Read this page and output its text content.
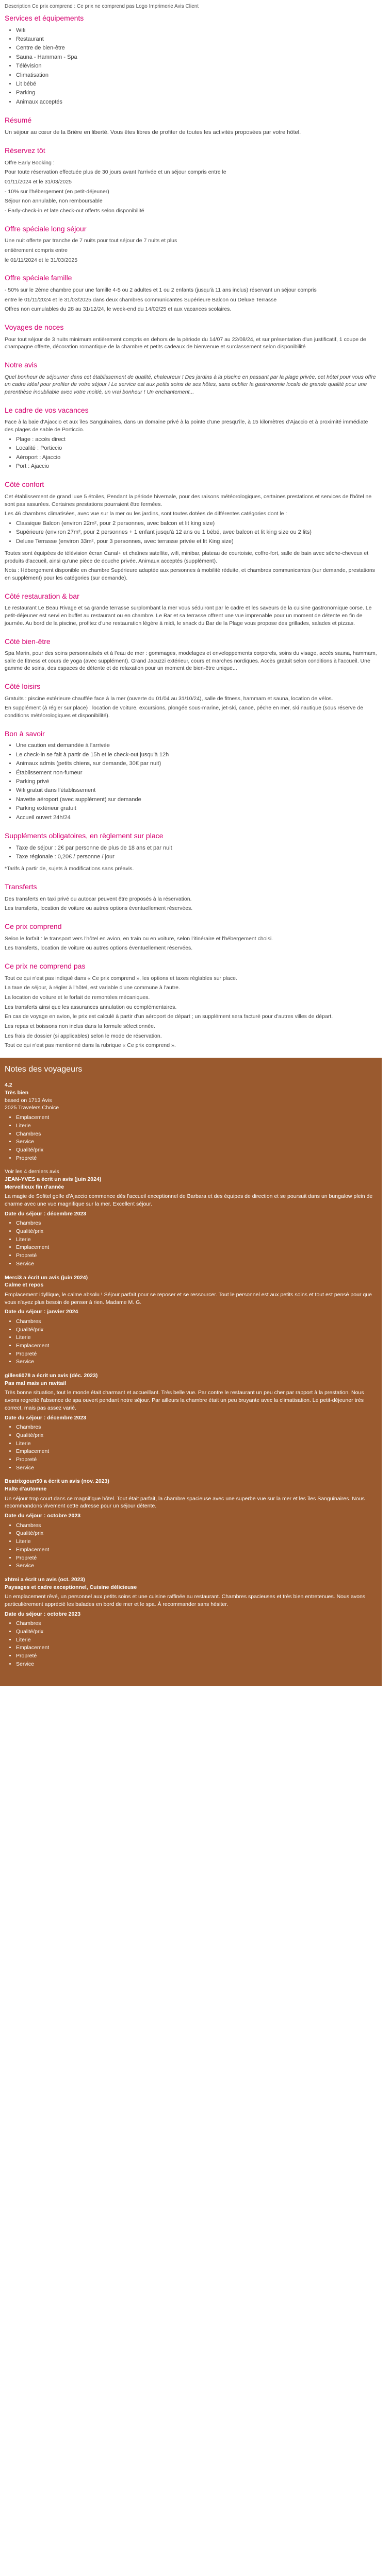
Description Ce prix comprend : Ce prix ne comprend pas Logo Imprimerie Avis Client

Services et équipements
• Wifi
• Restaurant
• Centre de bien-être
• Sauna - Hammam - Spa
• Télévision
• Climatisation
• Lit bébé
• Parking
• Animaux acceptés
Résumé

Un séjour au cœur de la Brière en liberté. Vous êtes libres de profiter de toutes les activités proposées par votre hôtel.

Réservez tôt

Offre Early Booking :

Pour toute réservation effectuée plus de 30 jours avant l'arrivée et un séjour compris entre le

01/11/2024 et le 31/03/2025

- 10% sur l'hébergement (en petit-déjeuner)

Séjour non annulable, non remboursable

- Early-check-in et late check-out offerts selon disponibilité

Offre spéciale long séjour

Une nuit offerte par tranche de 7 nuits pour tout séjour de 7 nuits et plus

entièrement compris entre

le 01/11/2024 et le 31/03/2025

Offre spéciale famille

- 50% sur le 2ème chambre pour une famille 4-5 ou 2 adultes et 1 ou 2 enfants (jusqu'à 11 ans inclus) réservant un séjour compris

entre le 01/11/2024 et le 31/03/2025 dans deux chambres communicantes Supérieure Balcon ou Deluxe Terrasse

Offres non cumulables du 28 au 31/12/24, le week-end du 14/02/25 et aux vacances scolaires.

Voyages de noces

Pour tout séjour de 3 nuits minimum entièrement compris en dehors de la période du 14/07 au 22/08/24, et sur présentation d'un justificatif, 1 coupe de champagne offerte, décoration romantique de la chambre et petits cadeaux de bienvenue et surclassement selon disponibilité

Notre avis

Quel bonheur de séjourner dans cet établissement de qualité, chaleureux ! Des jardins à la piscine en passant par la plage privée, cet hôtel pour vous offre un cadre idéal pour profiter de votre séjour ! Le service est aux petits soins de ses hôtes, sans oublier la gastronomie locale de grande qualité pour une parenthèse inoubliable avec votre moitié, un vrai bonheur ! Un enchantement...

Le cadre de vos vacances

Face à la baie d'Ajaccio et aux îles Sanguinaires, dans un domaine privé à la pointe d'une presqu'île, à 15 kilomètres d'Ajaccio et à proximité immédiate des plages de sable de Porticcio.

• Plage : accès direct
• Localité : Porticcio
• Aéroport : Ajaccio
• Port : Ajaccio
Côté confort

Cet établissement de grand luxe 5 étoiles, Pendant la période hivernale, pour des raisons météorologiques, certaines prestations et services de l'hôtel ne sont pas assurées. Certaines prestations pourraient être fermées.

Les 46 chambres climatisées, avec vue sur la mer ou les jardins, sont toutes dotées de différentes catégories dont le :

• Classique Balcon (environ 22m², pour 2 personnes, avec balcon et lit king size)
• Supérieure (environ 27m², pour 2 personnes + 1 enfant jusqu'à 12 ans ou 1 bébé, avec balcon et lit king size ou 2 lits)
• Deluxe Terrasse (environ 33m², pour 3 personnes, avec terrasse privée et lit King size)

Toutes sont équipées de télévision écran Canal+ et chaînes satellite, wifi, minibar, plateau de courtoisie, coffre-fort, salle de bain avec sèche-cheveux et produits d'accueil, ainsi qu'une pièce de douche privée. Animaux acceptés (supplément).

Nota : Hébergement disponible en chambre Supérieure adaptée aux personnes à mobilité réduite, et chambres communicantes (sur demande, prestations en supplément) pour les catégories (sur demande).

Côté restauration & bar

Le restaurant Le Beau Rivage et sa grande terrasse surplombant la mer vous séduiront par le cadre et les saveurs de la cuisine gastronomique corse. Le petit-déjeuner est servi en buffet au restaurant ou en chambre. Le Bar et sa terrasse offrent une vue imprenable pour un moment de détente en fin de journée. Au bord de la piscine, profitez d'une restauration légère à midi, le snack du Bar de la Plage vous propose des grillades, salades et pizzas.

Côté bien-être

Spa Marin, pour des soins personnalisés et à l'eau de mer : gommages, modelages et enveloppements corporels, soins du visage, accès sauna, hammam, salle de fitness et cours de yoga (avec supplément). Grand Jacuzzi extérieur, cours et marches nordiques. Accès gratuit selon conditions à l'accueil. Une gamme de soins, des espaces de détente et de relaxation pour un moment de bien-être unique...

Côté loisirs

Gratuits : piscine extérieure chauffée face à la mer (ouverte du 01/04 au 31/10/24), salle de fitness, hammam et sauna, location de vélos.

En supplément (à régler sur place) : location de voiture, excursions, plongée sous-marine, jet-ski, canoë, pêche en mer, ski nautique (sous réserve de conditions météorologiques et disponibilité).

Bon à savoir
• Une caution est demandée à l'arrivée
• Le check-in se fait à partir de 15h et le check-out jusqu'à 12h
• Animaux admis (petits chiens, sur demande, 30€ par nuit)
• Établissement non-fumeur
• Parking privé
• Wifi gratuit dans l'établissement
• Navette aéroport (avec supplément) sur demande
• Parking extérieur gratuit
• Accueil ouvert 24h/24
Suppléments obligatoires, en règlement sur place
• Taxe de séjour : 2€ par personne de plus de 18 ans et par nuit
• Taxe régionale : 0,20€ / personne / jour

*Tarifs à partir de, sujets à modifications sans préavis.

Transferts

Des transferts en taxi privé ou autocar peuvent être proposés à la réservation.

Les transferts, location de voiture ou autres options éventuellement réservées.

Ce prix comprend

Selon le forfait : le transport vers l'hôtel en avion, en train ou en voiture, selon l'itinéraire et l'hébergement choisi.

Les transferts, location de voiture ou autres options éventuellement réservées.

Ce prix ne comprend pas

Tout ce qui n'est pas indiqué dans « Ce prix comprend », les options et taxes réglables sur place.

La taxe de séjour, à régler à l'hôtel, est variable d'une commune à l'autre.

La location de voiture et le forfait de remontées mécaniques.

Les transferts ainsi que les assurances annulation ou complémentaires.

En cas de voyage en avion, le prix est calculé à partir d'un aéroport de départ ; un supplément sera facturé pour d'autres villes de départ.

Les repas et boissons non inclus dans la formule sélectionnée.

Les frais de dossier (si applicables) selon le mode de réservation.

Tout ce qui n'est pas mentionné dans la rubrique « Ce prix comprend ».

Notes des voyageurs
4.2
Très bien
based on 1713 Avis
2025 Travelers Choice
• Emplacement
• Literie
• Chambres
• Service
• Qualité/prix
• Propreté
Voir les 4 derniers avis
JEAN-YVES a écrit un avis (juin 2024)
Merveilleux fin d'année

La magie de Sofitel golfe d'Ajaccio commence dès l'accueil exceptionnel de Barbara et des équipes de direction et se poursuit dans un bungalow plein de charme avec une vue magnifique sur la mer. Excellent séjour.

Date du séjour : décembre 2023
• Chambres
• Qualité/prix
• Literie
• Emplacement
• Propreté
• Service
Merci3 a écrit un avis (juin 2024)
Calme et repos

Emplacement idyllique, le calme absolu ! Séjour parfait pour se reposer et se ressourcer. Tout le personnel est aux petits soins et tout est pensé pour que vous n'ayez plus besoin de penser à rien. Madame M. G.

Date du séjour : janvier 2024
• Chambres
• Qualité/prix
• Literie
• Emplacement
• Propreté
• Service
gilles6078 a écrit un avis (déc. 2023)
Pas mal mais un ravitail

Très bonne situation, tout le monde était charmant et accueillant. Très belle vue. Par contre le restaurant un peu cher par rapport à la prestation. Nous avons regretté l'absence de spa ouvert pendant notre séjour. Par ailleurs la chambre était un peu bruyante avec la climatisation. Le petit-déjeuner très correct, mais pas assez varié.

Date du séjour : décembre 2023
• Chambres
• Qualité/prix
• Literie
• Emplacement
• Propreté
• Service
Beatrixgoun50 a écrit un avis (nov. 2023)
Halte d'automne

Un séjour trop court dans ce magnifique hôtel. Tout était parfait, la chambre spacieuse avec une superbe vue sur la mer et les îles Sanguinaires. Nous recommandons vivement cette adresse pour un séjour détente.

Date du séjour : octobre 2023
• Chambres
• Qualité/prix
• Literie
• Emplacement
• Propreté
• Service
xhtmi a écrit un avis (oct. 2023)
Paysages et cadre exceptionnel, Cuisine délicieuse

Un emplacement rêvé, un personnel aux petits soins et une cuisine raffinée au restaurant. Chambres spacieuses et très bien entretenues. Nous avons particulièrement apprécié les balades en bord de mer et le spa. À recommander sans hésiter.

Date du séjour : octobre 2023
• Chambres
• Qualité/prix
• Literie
• Emplacement
• Propreté
• Service
